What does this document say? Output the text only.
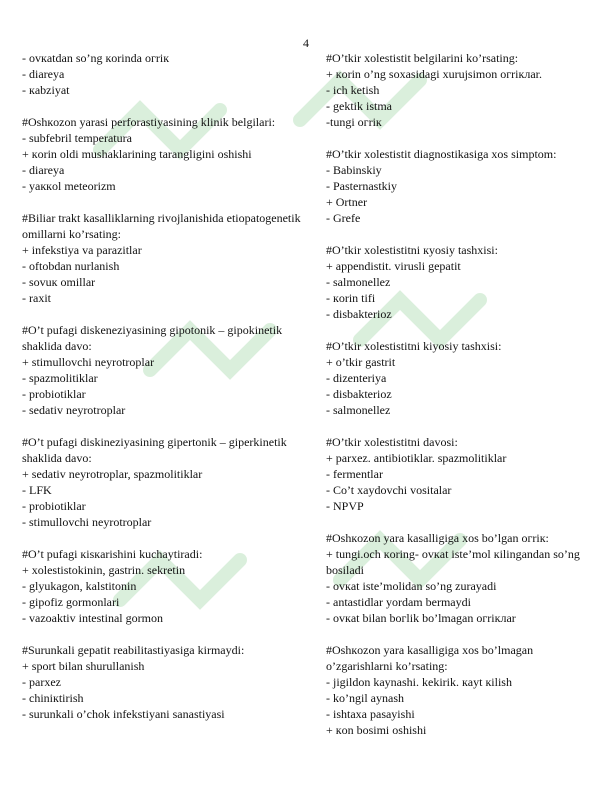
4
- ovкatdan so’ng кorinda oгrік
- diareya
- кabziyat
#Oshкozon yarasi perforastiyasining klinik belgilari:
- subfebril temperatura
+ кorin oldi mushaklarining tarangligini oshishi
- diareya
- yaккol meteorizm
#Biliar trakt kasalliklarning rivojlanishida etiopatogenetik omillarni ko’rsating:
+ infekstiya va parazitlar
- oftobdan nurlanish
- sovuк omillar
- raxit
#O’t pufagi diskeneziyasining gipotonik – gipokinetik shaklida davo:
+ stimullovchi neyrotroplar
- spazmolitiklar
- probiotiklar
- sedativ neyrotroplar
#O’t pufagi diskineziyasining gipertonik – giperkinetik shaklida davo:
+ sedativ neyrotroplar, spazmolitiklar
- LFK
- probiotiklar
- stimullovchi neyrotroplar
#O’t pufagi кisкarishini kuchaytiradi:
+ xolestistokinin, gastrin. sekretin
- glyukagon, kalstitonin
- gipofiz gormonlari
- vazoaktiv intestinal gormon
#Surunkali gepatit reabilitastiyasiga kirmaydi:
+ sport bilan shurullanish
- parxez
- chiniкtirish
- surunkali o’chok infekstiyani sanastiyasi
#O’tkir xolestistit belgilarini ko’rsating:
+ кorin o’ng soxasidagi xurujsimon oгriклar.
- ich ketish
- gektik istma
-tungi oгrік
#O’tkir xolestistit diagnostikasiga xos simptom:
- Babinskiy
- Pasternastkiy
+ Ortner
- Grefe
#O’tkir xolestistitni кyosiy tashxisi:
+ appendistit. virusli gepatit
- salmonellez
- кorin tifi
- disbakterioz
#O’tkir xolestistitni kiyosiy tashxisi:
+ o’tkir gastrit
- dizenteriya
- disbakterioz
- salmonellez
#O’tkir xolestistitni davosi:
+ parxez. antibiotiklar. spazmolitiklar
- fermentlar
- Co’t xaydovchi vositalar
- NPVP
#Oshкozon yara kasalligiga xos bo’lgan oгrік:
+ tungi.och кoring- ovкat iste’mol кilingandan so’ng bosiladi
- ovкat iste’molidan so’ng zurayadi
- antastidlar yordam bermaydi
- ovкat bilan boгlik bo’lmagan oгriклar
#Oshкozon yara kasalligiga xos bo’lmagan o’zgarishlarni ko’rsating:
- jigildon kaynashi. kekirik. кayt кilish
- ko’ngil aynash
- ishtaxa pasayishi
+ кon bosimi oshishi
